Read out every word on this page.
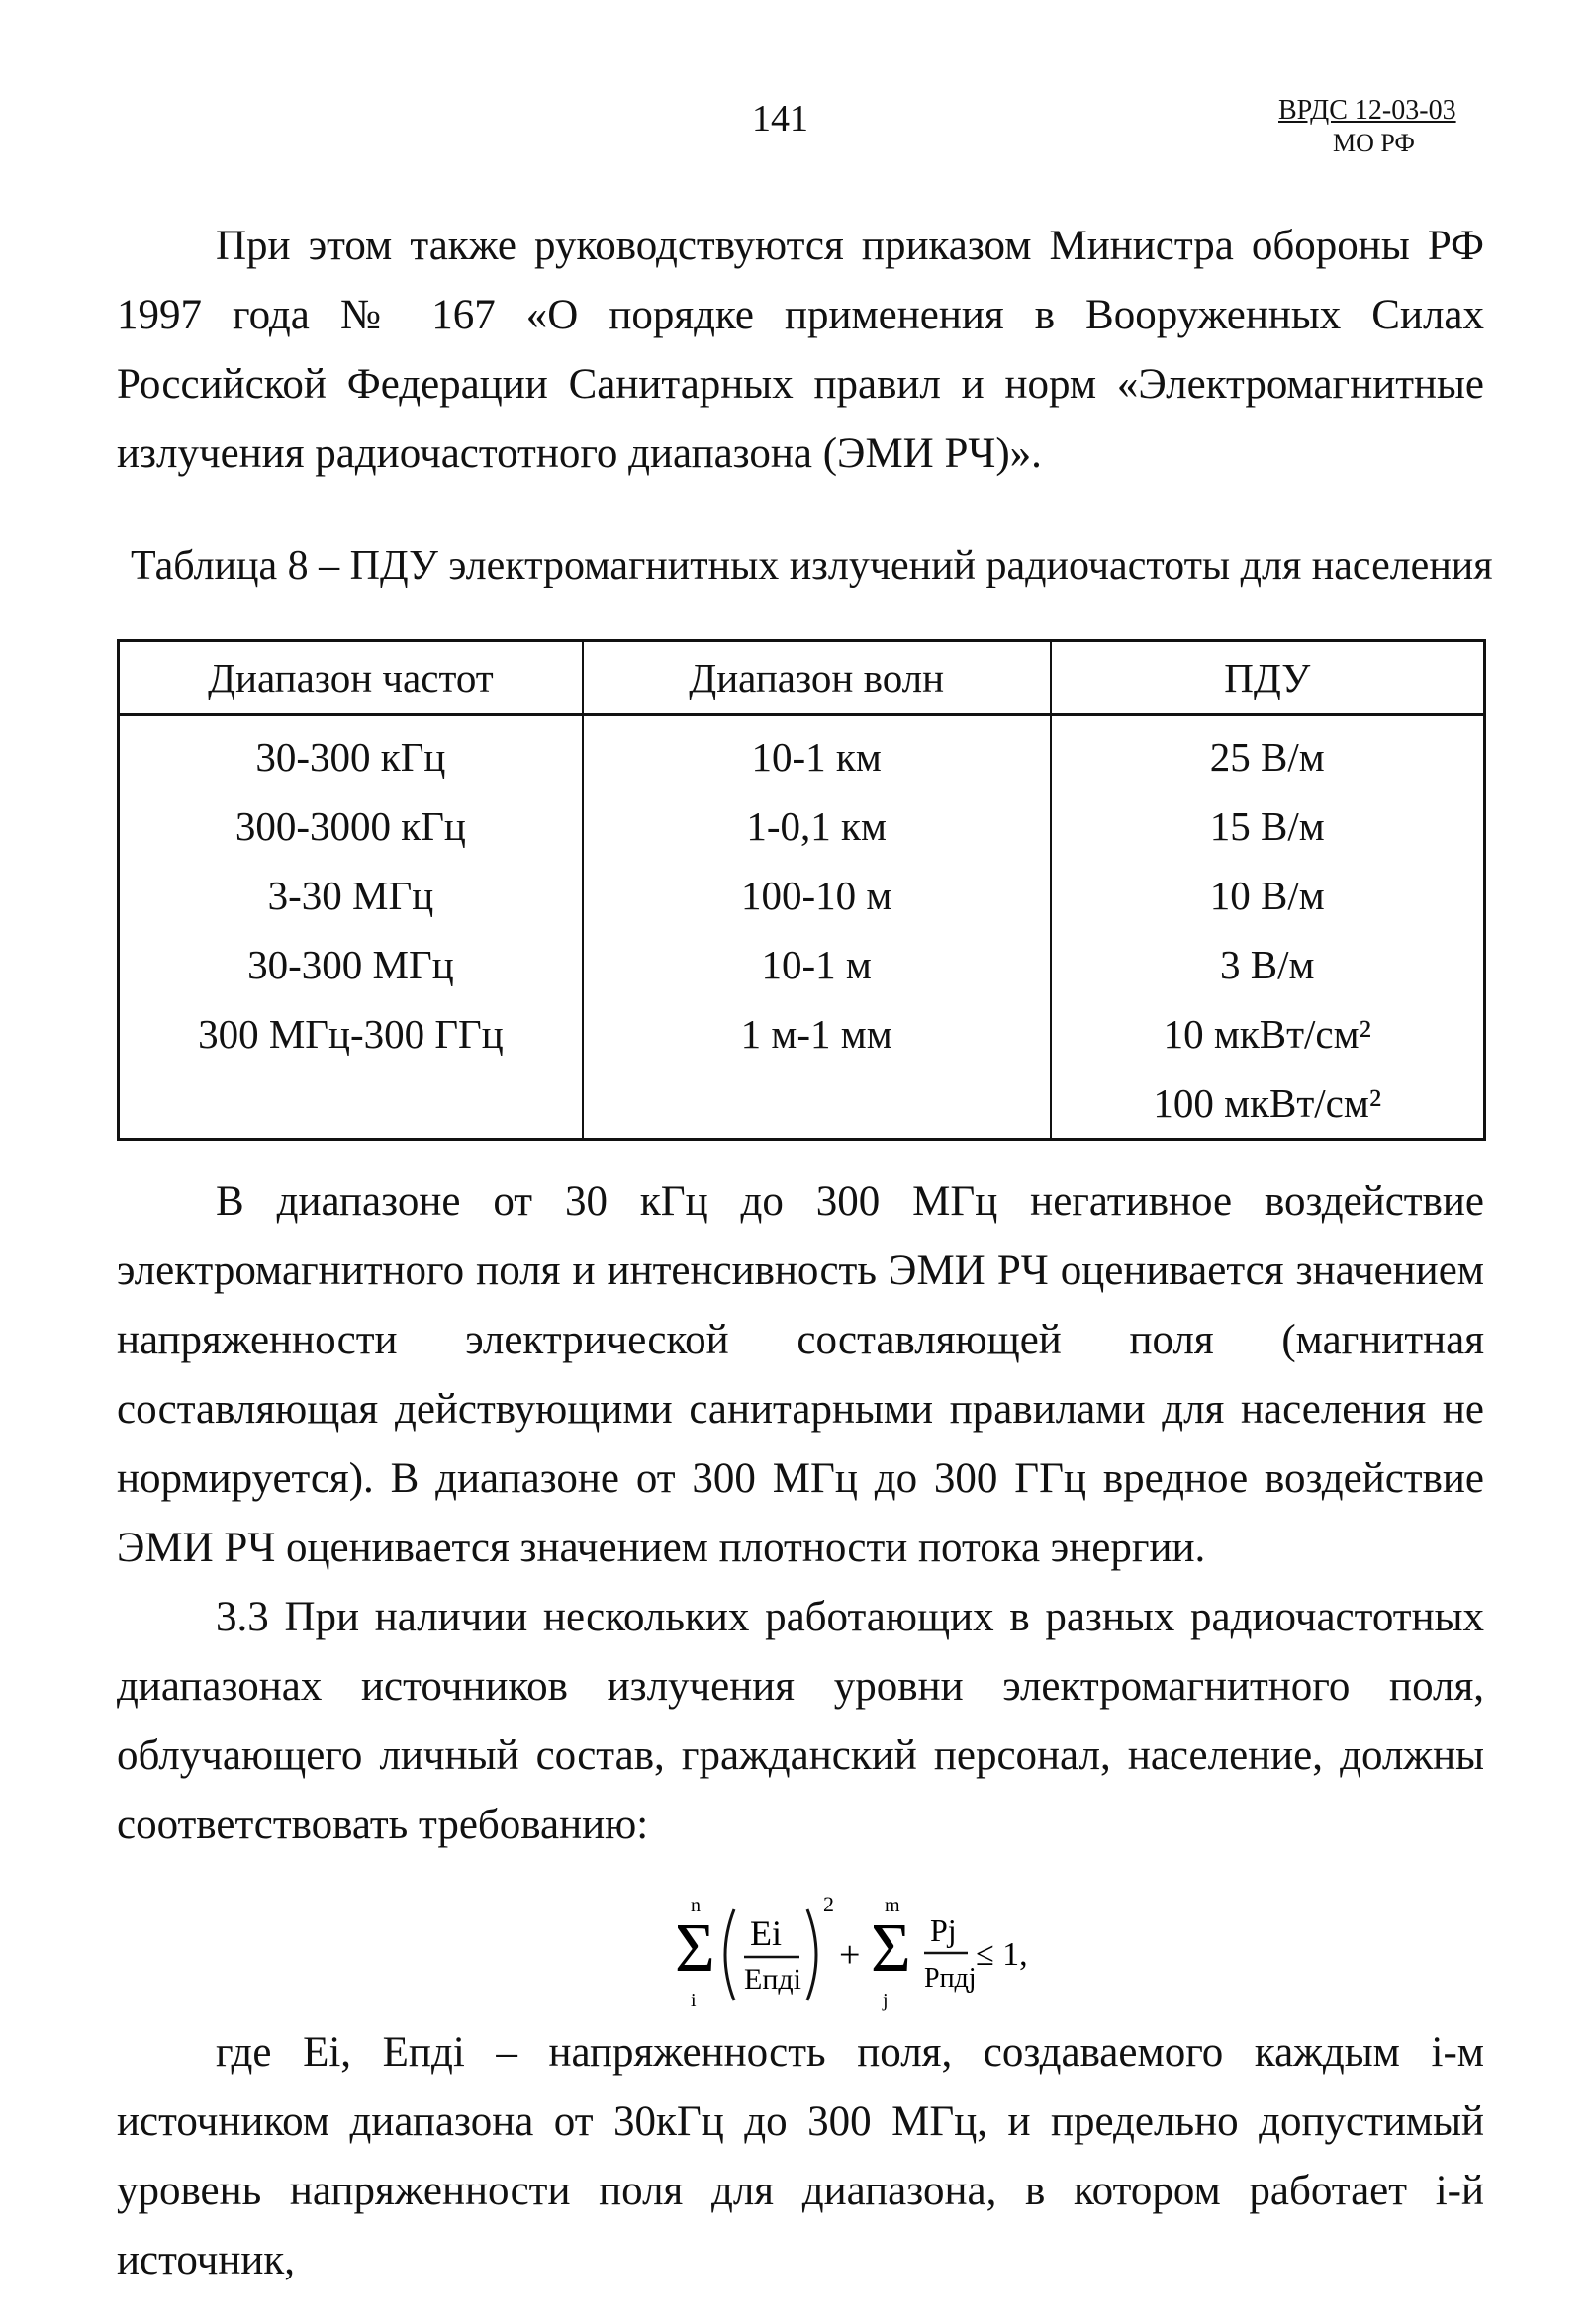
141	ВРДС 12-03-03
МО РФ

При этом также руководствуются приказом Министра обороны РФ 1997 года № 167 «О порядке применения в Вооруженных Силах Российской Федерации Санитарных правил и норм «Электромагнитные излучения радиочастотного диапазона (ЭМИ РЧ)».

Таблица 8 – ПДУ электромагнитных излучений радиочастоты для населения
Диапазон частот	Диапазон волн	ПДУ
30-300 кГц	10-1 км	25 В/м
300-3000 кГц	1-0,1 км	15 В/м
3-30 МГц	100-10 м	10 В/м
30-300 МГц	10-1 м	3 В/м
300 МГц-300 ГГц	1 м-1 мм	10 мкВт/см²
		100 мкВт/см²

В диапазоне от 30 кГц до 300 МГц негативное воздействие электромагнитного поля и интенсивность ЭМИ РЧ оценивается значением напряженности электрической составляющей поля (магнитная составляющая действующими санитарными правилами для населения не нормируется). В диапазоне от 300 МГц до 300 ГГц вредное воздействие ЭМИ РЧ оценивается значением плотности потока энергии.

3.3 При наличии нескольких работающих в разных радиочастотных диапазонах источников излучения уровни электромагнитного поля, облучающего личный состав, гражданский персонал, население, должны соответствовать требованию:

n
Σ
i
Ei
Eпдi
2
+
m
Σ
j
Pj
Pпдj
≤ 1,

где Ei, Eпдi – напряженность поля, создаваемого каждым i-м источником диапазона от 30кГц до 300 МГц, и предельно допустимый уровень напряженности поля для диапазона, в котором работает i-й источник,
